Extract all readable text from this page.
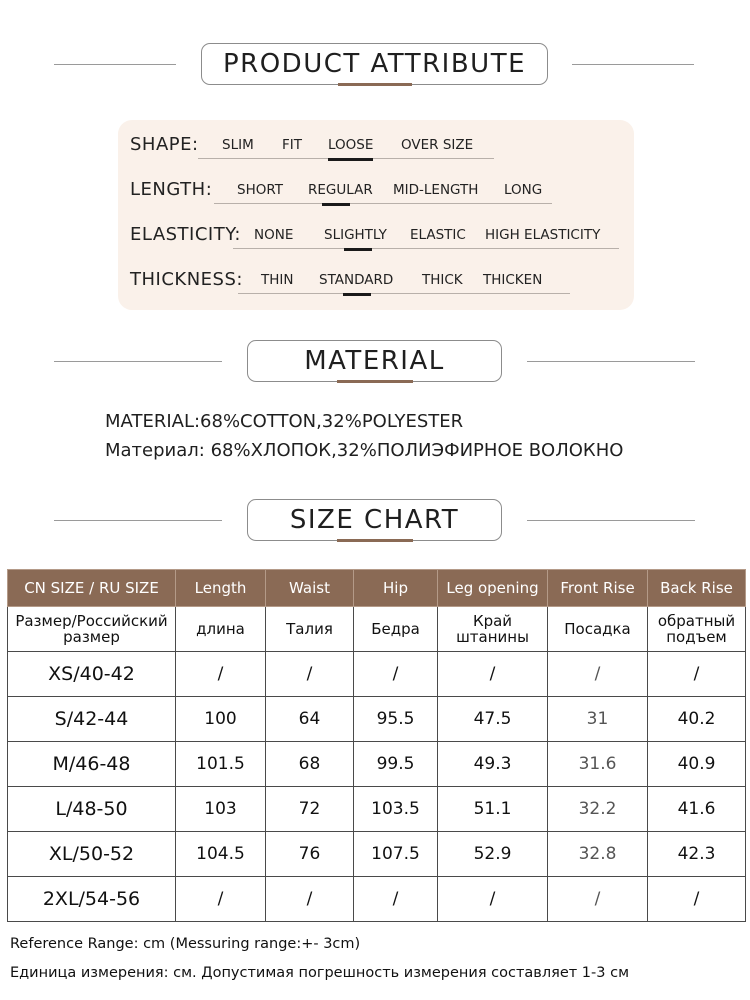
PRODUCT ATTRIBUTE
SHAPE: SLIM FIT LOOSE OVER SIZE
LENGTH: SHORT REGULAR MID-LENGTH LONG
ELASTICITY: NONE SLIGHTLY ELASTIC HIGH ELASTICITY
THICKNESS: THIN STANDARD THICK THICKEN
MATERIAL
MATERIAL:68%COTTON,32%POLYESTER
Материал: 68%ХЛОПОК,32%ПОЛИЭФИРНОЕ ВОЛОКНО
SIZE CHART
CN SIZE / RU SIZE	Length	Waist	Hip	Leg opening	Front Rise	Back Rise
Размер/Российский размер	длина	Талия	Бедра	Край штанины	Посадка	обратный подъем
XS/40-42	/	/	/	/	/	/
S/42-44	100	64	95.5	47.5	31	40.2
M/46-48	101.5	68	99.5	49.3	31.6	40.9
L/48-50	103	72	103.5	51.1	32.2	41.6
XL/50-52	104.5	76	107.5	52.9	32.8	42.3
2XL/54-56	/	/	/	/	/	/
Reference Range: cm (Messuring range:+- 3cm)
Единица измерения: см. Допустимая погрешность измерения составляет 1-3 см
